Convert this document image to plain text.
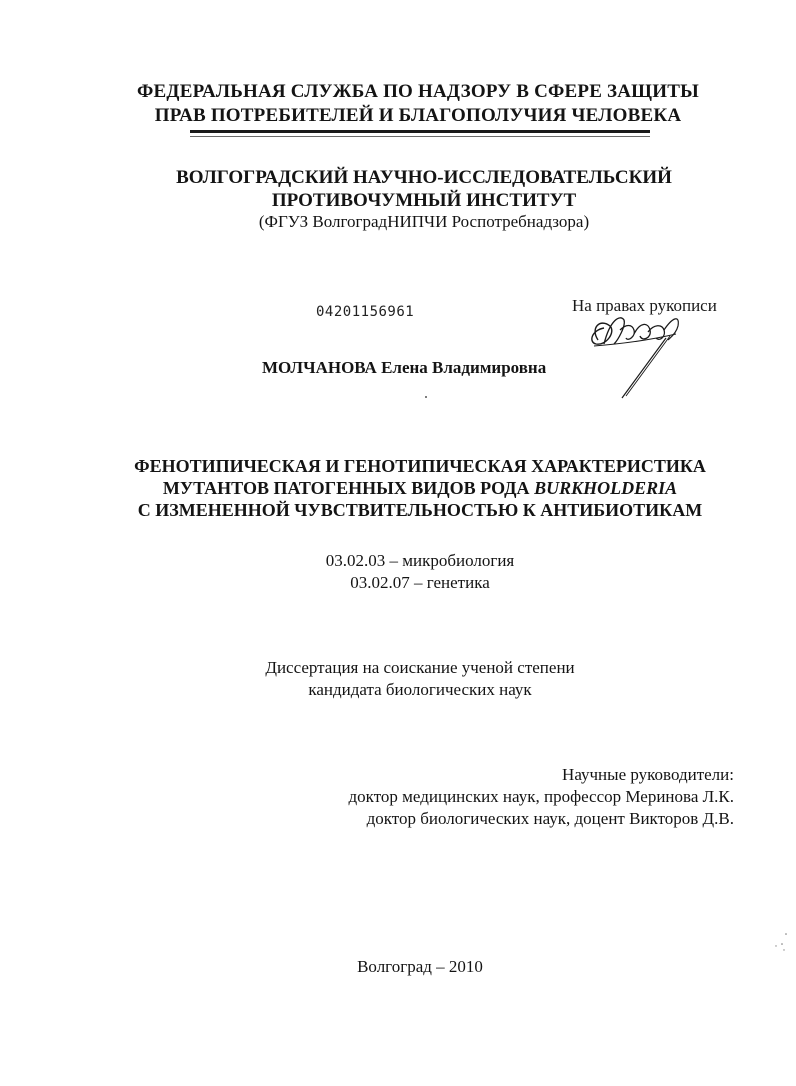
ФЕДЕРАЛЬНАЯ СЛУЖБА ПО НАДЗОРУ В СФЕРЕ ЗАЩИТЫ
ПРАВ ПОТРЕБИТЕЛЕЙ И БЛАГОПОЛУЧИЯ ЧЕЛОВЕКА
ВОЛГОГРАДСКИЙ НАУЧНО-ИССЛЕДОВАТЕЛЬСКИЙ
ПРОТИВОЧУМНЫЙ ИНСТИТУТ
(ФГУЗ ВолгоградНИПЧИ Роспотребнадзора)
04201156961	На правах рукописи
МОЛЧАНОВА Елена Владимировна
ФЕНОТИПИЧЕСКАЯ И ГЕНОТИПИЧЕСКАЯ ХАРАКТЕРИСТИКА
МУТАНТОВ ПАТОГЕННЫХ ВИДОВ РОДА BURKHOLDERIA
С ИЗМЕНЕННОЙ ЧУВСТВИТЕЛЬНОСТЬЮ К АНТИБИОТИКАМ
03.02.03 – микробиология
03.02.07 – генетика
Диссертация на соискание ученой степени
кандидата биологических наук
Научные руководители:
доктор медицинских наук, профессор Меринова Л.К.
доктор биологических наук, доцент Викторов Д.В.
Волгоград – 2010
